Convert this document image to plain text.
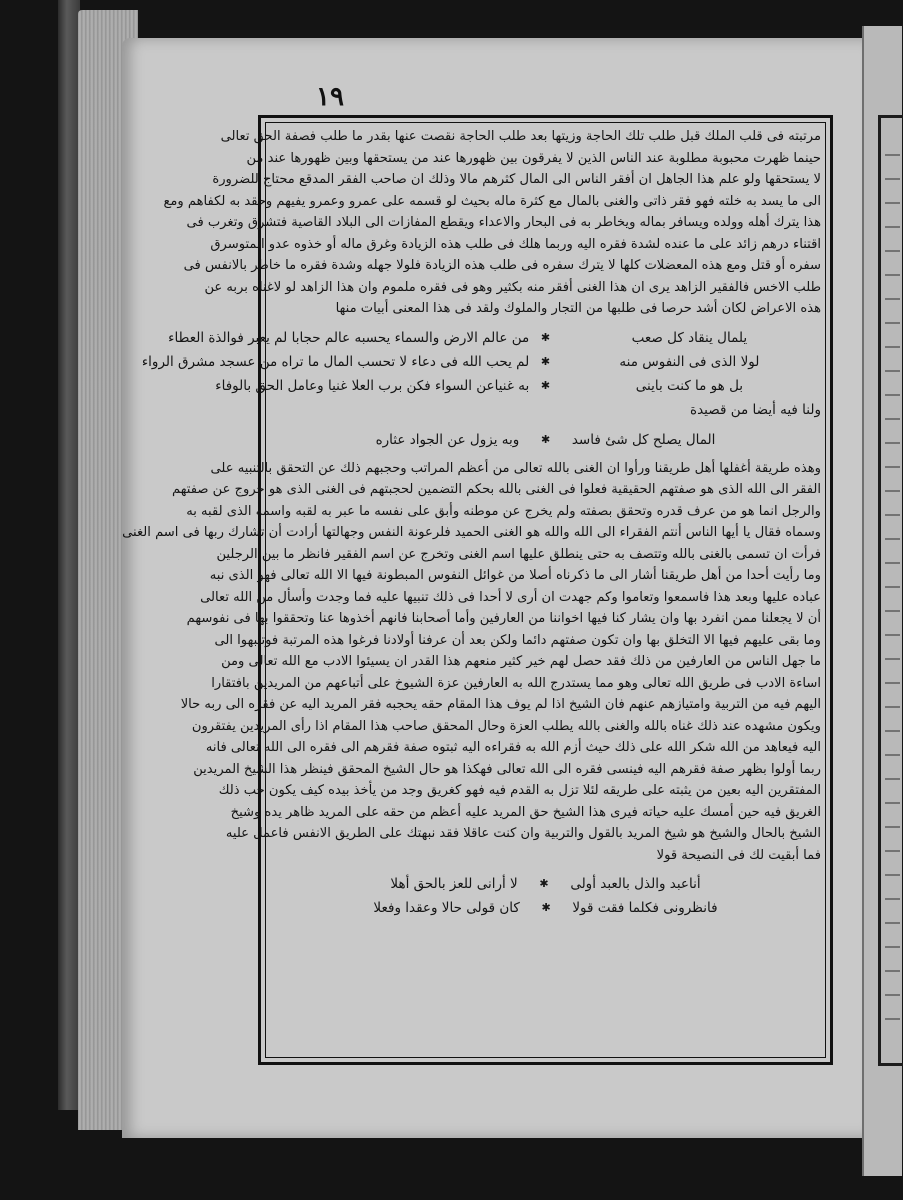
١٩
مرتبته فى قلب الملك قبل طلب تلك الحاجة وزيتها بعد طلب الحاجة نقصت عنها بقدر ما طلب فصفة الحق تعالى
حينما ظهرت محبوبة مطلوبة عند الناس الذين لا يفرقون بين ظهورها عند من يستحقها وبين ظهورها عند من
لا يستحقها ولو علم هذا الجاهل ان أفقر الناس الى المال كثرهم مالا وذلك ان صاحب الفقر المدقع محتاج للضرورة
الى ما يسد به خلته فهو فقر ذاتى والغنى بالمال مع كثرة ماله بحيث لو قسمه على عمرو وعمرو يفيهم وحقد به لكفاهم ومع
هذا يترك أهله وولده ويسافر بماله ويخاطر به فى البحار والاعداء ويقطع المفازات الى البلاد القاصية فتشرق وتغرب فى
اقتناء درهم زائد على ما عنده لشدة فقره اليه وربما هلك فى طلب هذه الزيادة وغرق ماله أو خذوه عدو المتوسرق
سفره أو قتل ومع هذه المعضلات كلها لا يترك سفره فى طلب هذه الزيادة فلولا جهله وشدة فقره ما خاطر بالانفس فى
طلب الاخس فالفقير الزاهد يرى ان هذا الغنى أفقر منه بكثير وهو فى فقره ملموم وان هذا الزاهد لو لاغناه بربه عن
هذه الاعراض لكان أشد حرصا فى طلبها من التجار والملوك ولقد فى هذا المعنى أبيات منها
يلمال ينقاد كل صعب
✱
من عالم الارض والسماء يحسبه عالم حجابا لم يعبر فوالذة العطاء
لولا الذى فى النفوس منه
✱
لم يحب الله فى دعاء لا تحسب المال ما تراه من عسجد مشرق الرواء
بل هو ما كنت باينى
✱
به غنياعن السواء فكن برب العلا غنيا وعامل الحق بالوفاء
ولنا فيه أيضا من قصيدة
المال يصلح كل شئ فاسد
✱
وبه يزول عن الجواد عثاره
وهذه طريقة أغفلها أهل طريقنا ورأوا ان الغنى بالله تعالى من أعظم المراتب وحجبهم ذلك عن التحقق بالتنبيه على
الفقر الى الله الذى هو صفتهم الحقيقية فعلوا فى الغنى بالله بحكم التضمين لحجبتهم فى الغنى الذى هو خروج عن صفتهم
والرجل انما هو من عرف قدره وتحقق بصفته ولم يخرج عن موطنه وأبق على نفسه ما عبر به لقبه واسمه الذى لقبه به
وسماه فقال يا أيها الناس أنتم الفقراء الى الله والله هو الغنى الحميد فلرعونة النفس وجهالتها أرادت أن تشارك ربها فى اسم الغنى
فرأت ان تسمى بالغنى بالله وتتصف به حتى ينطلق عليها اسم الغنى وتخرج عن اسم الفقير فانظر ما بين الرجلين
وما رأيت أحدا من أهل طريقنا أشار الى ما ذكرناه أصلا من غوائل النفوس المبطونة فيها الا الله تعالى فهو الذى نبه
عباده عليها وبعد هذا فاسمعوا وتعاموا وكم جهدت ان أرى لا أحدا فى ذلك تنبيها عليه فما وجدت وأسأل من الله تعالى
أن لا يجعلنا ممن انفرد بها وان يشار كنا فيها اخواننا من العارفين وأما أصحابنا فانهم أخذوها عنا وتحققوا بها فى نفوسهم
وما بقى عليهم فيها الا التخلق بها وان تكون صفتهم دائما ولكن بعد أن عرفنا أولادنا فرغوا هذه المرتبة فوتنبهوا الى
ما جهل الناس من العارفين من ذلك فقد حصل لهم خير كثير منعهم هذا القدر ان يسيئوا الادب مع الله تعالى ومن
اساءة الادب فى طريق الله تعالى وهو مما يستدرج الله به العارفين عزة الشيوخ على أتباعهم من المريدين بافتقارا
اليهم فيه من التربية وامتيازهم عنهم فان الشيخ اذا لم يوف هذا المقام حقه يحجبه فقر المريد اليه عن فقره الى ربه حالا
ويكون مشهده عند ذلك غناه بالله والغنى بالله يطلب العزة وحال المحقق صاحب هذا المقام اذا رأى المريدين يفتقرون
اليه فيعاهد من الله شكر الله على ذلك حيث أزم الله به فقراءه اليه ثبتوه صفة فقرهم الى فقره الى الله تعالى فانه
ربما أولوا بظهر صفة فقرهم اليه فينسى فقره الى الله تعالى فهكذا هو حال الشيخ المحقق فينظر هذا الشيخ المريدين
المفتقرين اليه بعين من يثبته على طريقه لئلا تزل به القدم فيه فهو كغريق وجد من يأخذ بيده كيف يكون حب ذلك
الغريق فيه حين أمسك عليه حياته فيرى هذا الشيخ حق المريد عليه أعظم من حقه على المريد ظاهر يده وشيخ
الشيخ بالحال والشيخ هو شيخ المريد بالقول والتربية وان كنت عاقلا فقد نبهتك على الطريق الانفس فاعمل عليه
فما أبقيت لك فى النصيحة قولا
أناعبد والذل بالعبد أولى
✱
لا أرانى للعز بالحق أهلا
فانظرونى فكلما فقت قولا
✱
كان قولى حالا وعقدا وفعلا
